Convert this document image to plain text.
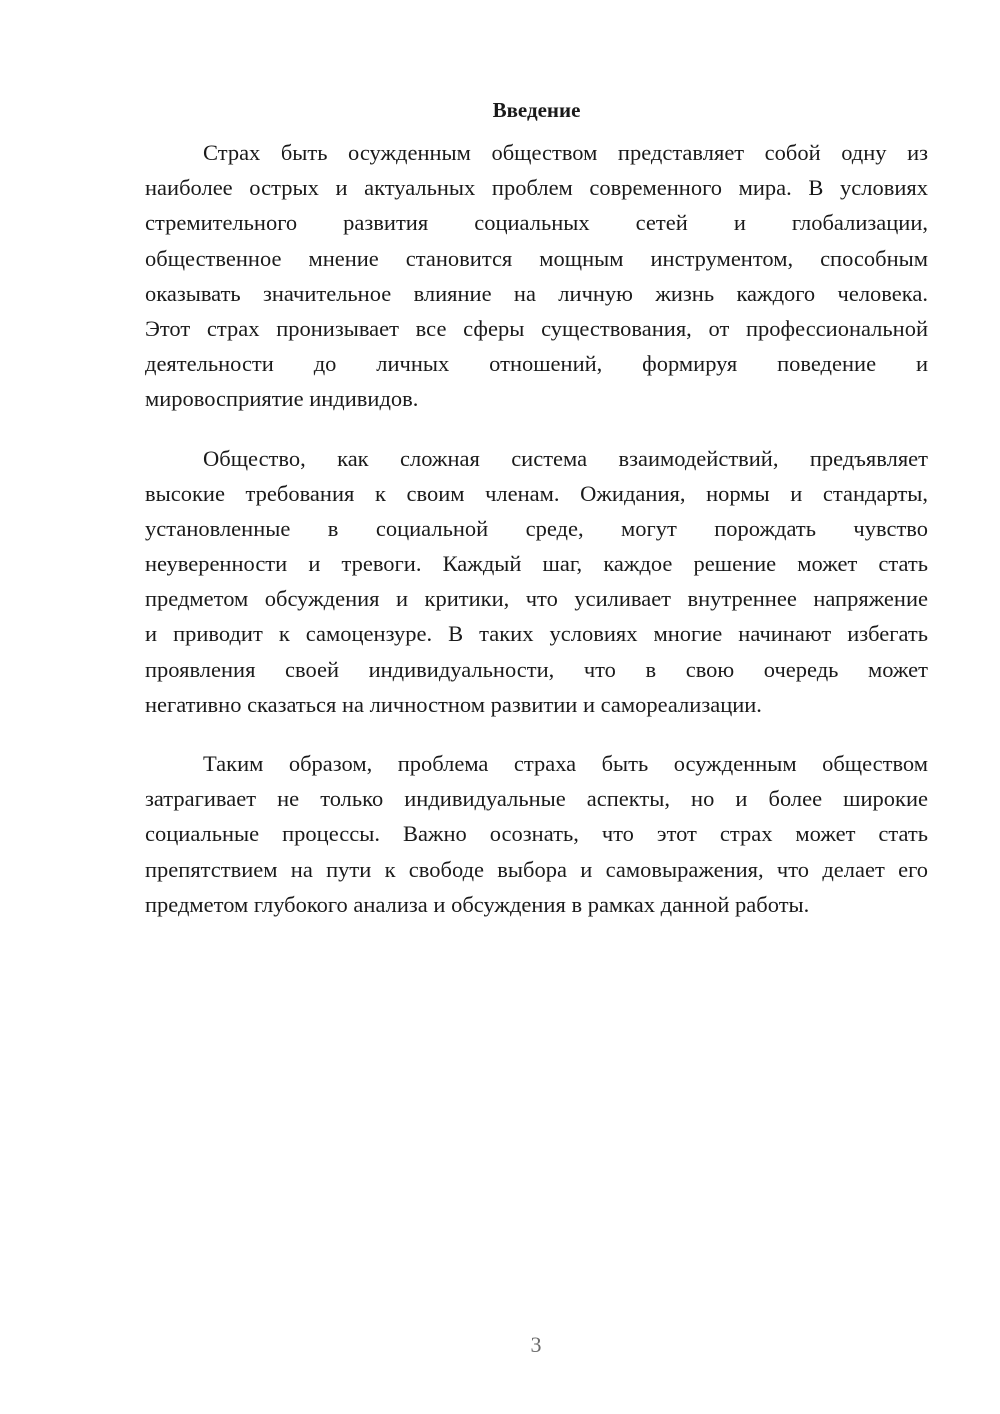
Введение
Страх быть осужденным обществом представляет собой одну из
наиболее острых и актуальных проблем современного мира. В условиях
стремительного развития социальных сетей и глобализации,
общественное мнение становится мощным инструментом, способным
оказывать значительное влияние на личную жизнь каждого человека.
Этот страх пронизывает все сферы существования, от профессиональной
деятельности до личных отношений, формируя поведение и
мировосприятие индивидов.
Общество, как сложная система взаимодействий, предъявляет
высокие требования к своим членам. Ожидания, нормы и стандарты,
установленные в социальной среде, могут порождать чувство
неуверенности и тревоги. Каждый шаг, каждое решение может стать
предметом обсуждения и критики, что усиливает внутреннее напряжение
и приводит к самоцензуре. В таких условиях многие начинают избегать
проявления своей индивидуальности, что в свою очередь может
негативно сказаться на личностном развитии и самореализации.
Таким образом, проблема страха быть осужденным обществом
затрагивает не только индивидуальные аспекты, но и более широкие
социальные процессы. Важно осознать, что этот страх может стать
препятствием на пути к свободе выбора и самовыражения, что делает его
предметом глубокого анализа и обсуждения в рамках данной работы.
3
